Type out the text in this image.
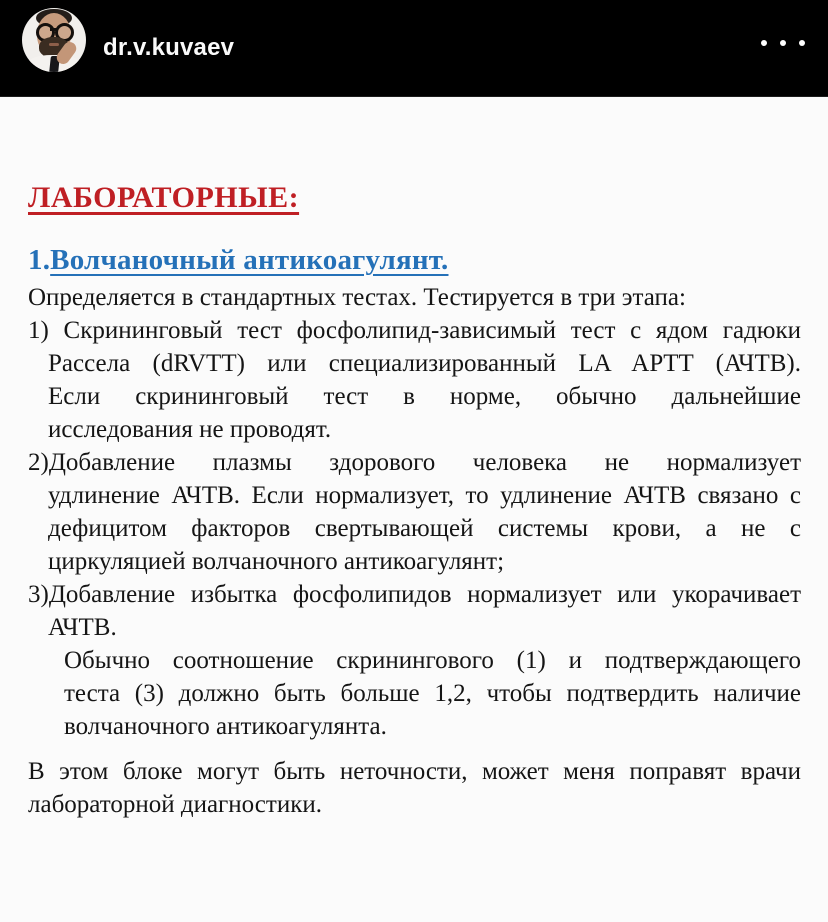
dr.v.kuvaev
ЛАБОРАТОРНЫЕ:
1.Волчаночный антикоагулянт.
Определяется в стандартных тестах. Тестируется в три этапа:
1) Скрининговый тест фосфолипид-зависимый тест с ядом гадюки
Рассела (dRVTT) или специализированный LA APTT (АЧТВ).
Если скрининговый тест в норме, обычно дальнейшие
исследования не проводят.
2)Добавление плазмы здорового человека не нормализует
удлинение АЧТВ. Если нормализует, то удлинение АЧТВ связано с
дефицитом факторов свертывающей системы крови, а не с
циркуляцией волчаночного антикоагулянт;
3)Добавление избытка фосфолипидов нормализует или укорачивает
АЧТВ.
Обычно соотношение скринингового (1) и подтверждающего
теста (3) должно быть больше 1,2, чтобы подтвердить наличие
волчаночного антикоагулянта.
В этом блоке могут быть неточности, может меня поправят врачи
лабораторной диагностики.
